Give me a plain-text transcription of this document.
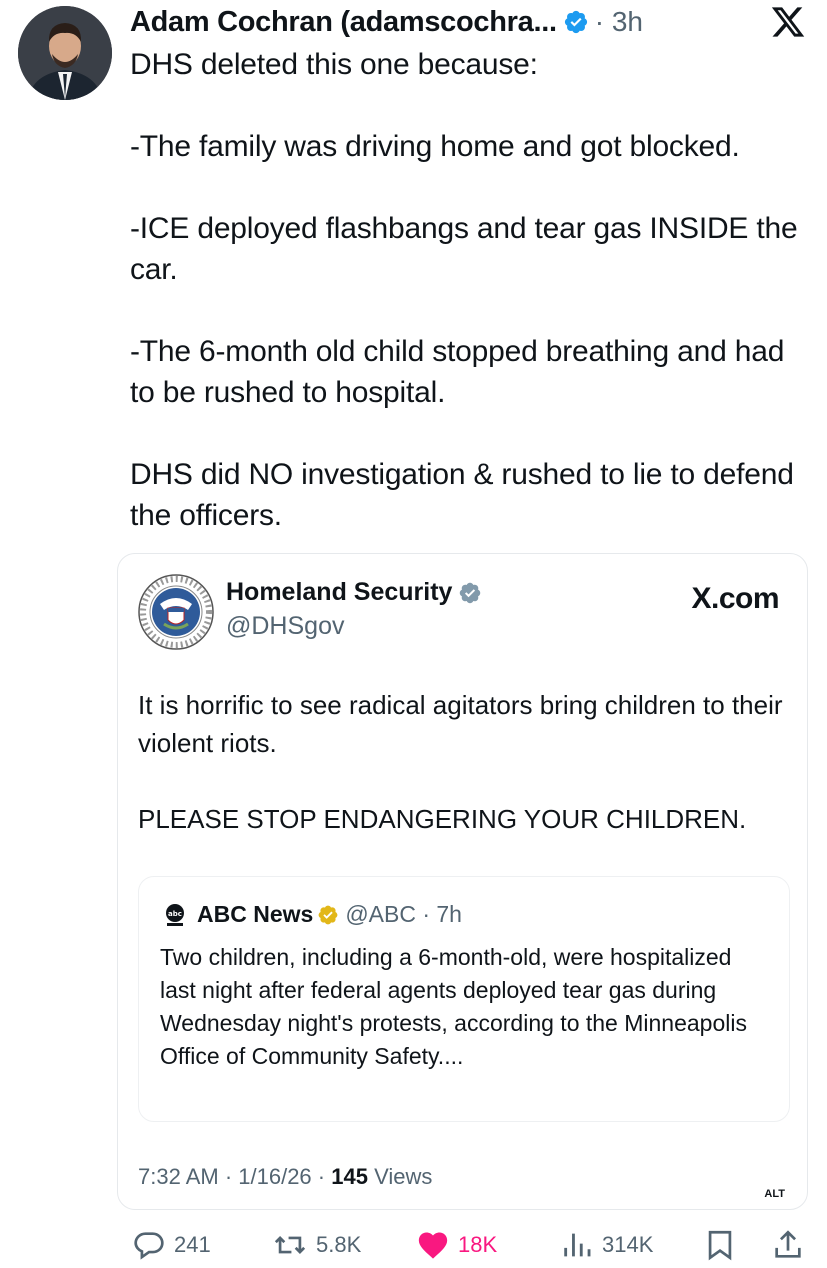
Adam Cochran (adamscochra... · 3h

DHS deleted this one because:

-The family was driving home and got blocked.

-ICE deployed flashbangs and tear gas INSIDE the car.

-The 6-month old child stopped breathing and had to be rushed to hospital.

DHS did NO investigation & rushed to lie to defend the officers.

Homeland Security
@DHSgov
X.com

It is horrific to see radical agitators bring children to their violent riots.

PLEASE STOP ENDANGERING YOUR CHILDREN.

abc ABC News @ABC · 7h
Two children, including a 6-month-old, were hospitalized last night after federal agents deployed tear gas during Wednesday night's protests, according to the Minneapolis Office of Community Safety....
7:32 AM · 1/16/26 · 145 Views
ALT
241	5.8K	18K	314K
